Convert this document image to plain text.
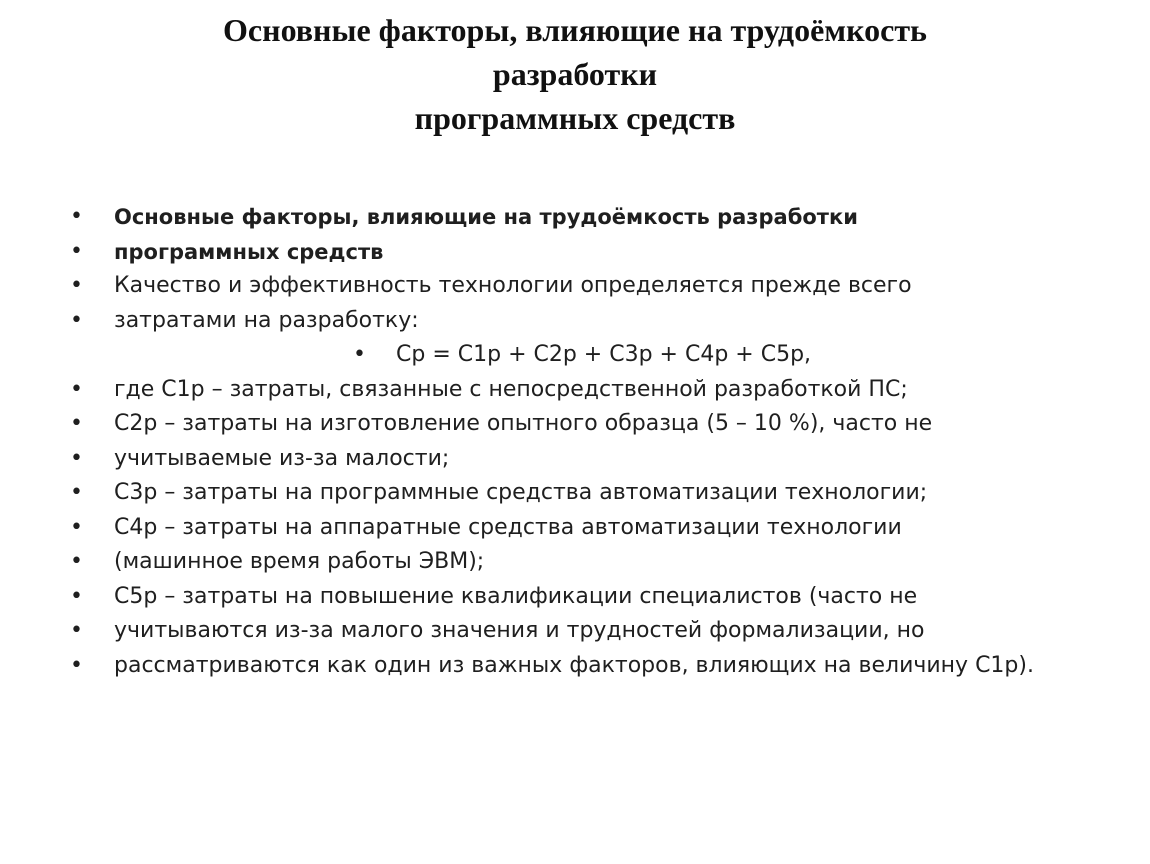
Основные факторы, влияющие на трудоёмкость
разработки
программных средств
• Основные факторы, влияющие на трудоёмкость разработки
• программных средств
• Качество и эффективность технологии определяется прежде всего
• затратами на разработку:
• Ср = С1р + С2р + С3р + С4р + С5р,
• где С1р – затраты, связанные с непосредственной разработкой ПС;
• С2р – затраты на изготовление опытного образца (5 – 10 %), часто не
• учитываемые из-за малости;
• С3р – затраты на программные средства автоматизации технологии;
• С4р – затраты на аппаратные средства автоматизации технологии
• (машинное время работы ЭВМ);
• С5р – затраты на повышение квалификации специалистов (часто не
• учитываются из-за малого значения и трудностей формализации, но
• рассматриваются как один из важных факторов, влияющих на величину С1р).
